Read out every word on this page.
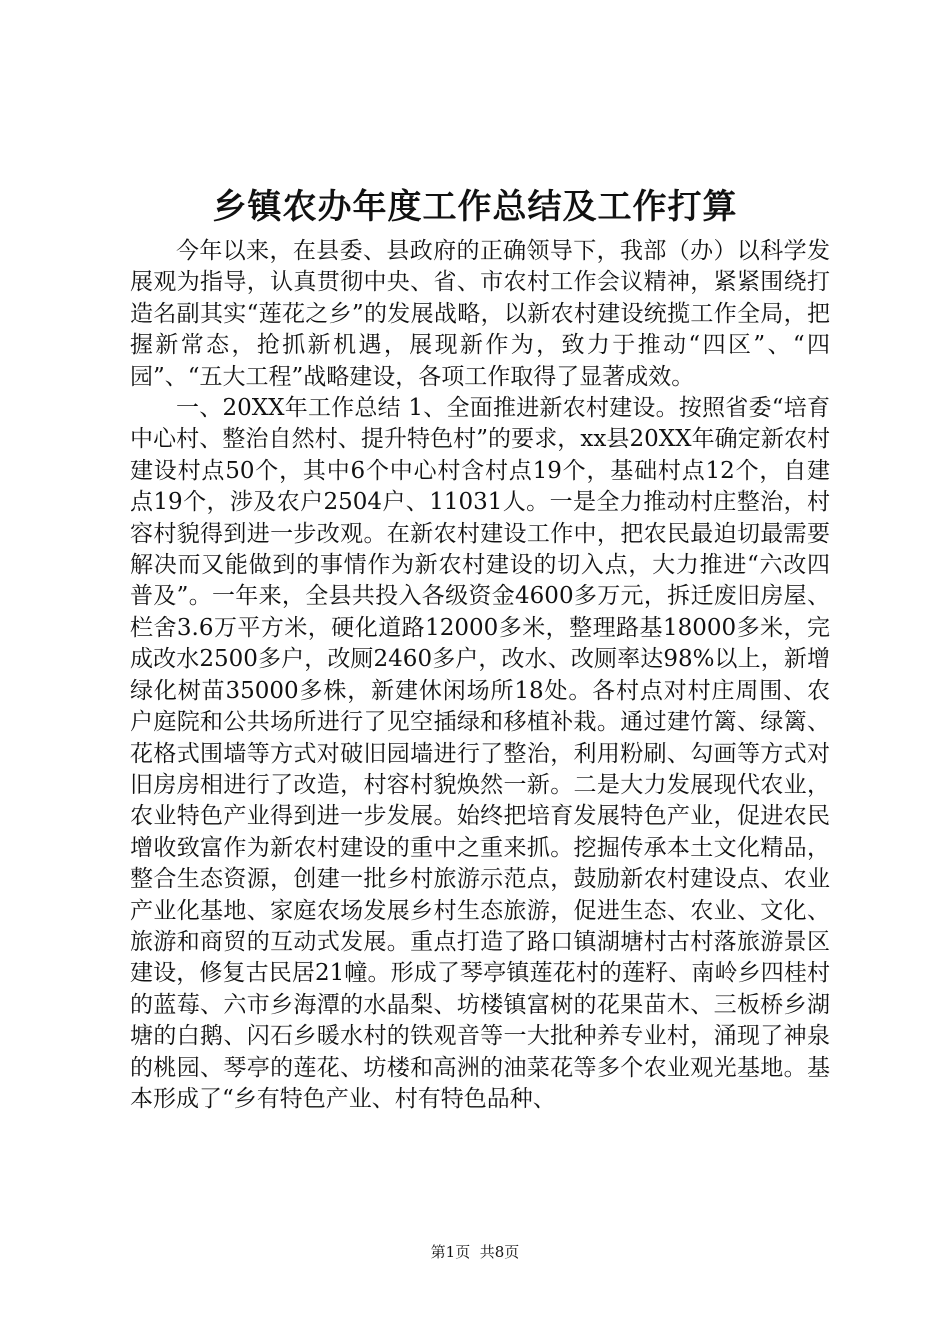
乡镇农办年度工作总结及工作打算

今年以来，在县委、县政府的正确领导下，我部（办）以科学发展观为指导，认真贯彻中央、省、市农村工作会议精神，紧紧围绕打造名副其实“莲花之乡”的发展战略，以新农村建设统揽工作全局，把握新常态，抢抓新机遇，展现新作为，致力于推动“四区”、“四园”、“五大工程”战略建设，各项工作取得了显著成效。

一、20XX年工作总结 1、全面推进新农村建设。按照省委“培育中心村、整治自然村、提升特色村”的要求，xx县20XX年确定新农村建设村点50个，其中6个中心村含村点19个，基础村点12个，自建点19个，涉及农户2504户、11031人。一是全力推动村庄整治，村容村貌得到进一步改观。在新农村建设工作中，把农民最迫切最需要解决而又能做到的事情作为新农村建设的切入点，大力推进“六改四普及”。一年来，全县共投入各级资金4600多万元，拆迁废旧房屋、栏舍3.6万平方米，硬化道路12000多米，整理路基18000多米，完成改水2500多户，改厕2460多户，改水、改厕率达98%以上，新增绿化树苗35000多株，新建休闲场所18处。各村点对村庄周围、农户庭院和公共场所进行了见空插绿和移植补栽。通过建竹篱、绿篱、花格式围墙等方式对破旧园墙进行了整治，利用粉刷、勾画等方式对旧房房相进行了改造，村容村貌焕然一新。二是大力发展现代农业，农业特色产业得到进一步发展。始终把培育发展特色产业，促进农民增收致富作为新农村建设的重中之重来抓。挖掘传承本土文化精品，整合生态资源，创建一批乡村旅游示范点，鼓励新农村建设点、农业产业化基地、家庭农场发展乡村生态旅游，促进生态、农业、文化、旅游和商贸的互动式发展。重点打造了路口镇湖塘村古村落旅游景区建设，修复古民居21幢。形成了琴亭镇莲花村的莲籽、南岭乡四桂村的蓝莓、六市乡海潭的水晶梨、坊楼镇富树的花果苗木、三板桥乡湖塘的白鹅、闪石乡暖水村的铁观音等一大批种养专业村，涌现了神泉的桃园、琴亭的莲花、坊楼和高洲的油菜花等多个农业观光基地。基本形成了“乡有特色产业、村有特色品种、

第1页 共8页
